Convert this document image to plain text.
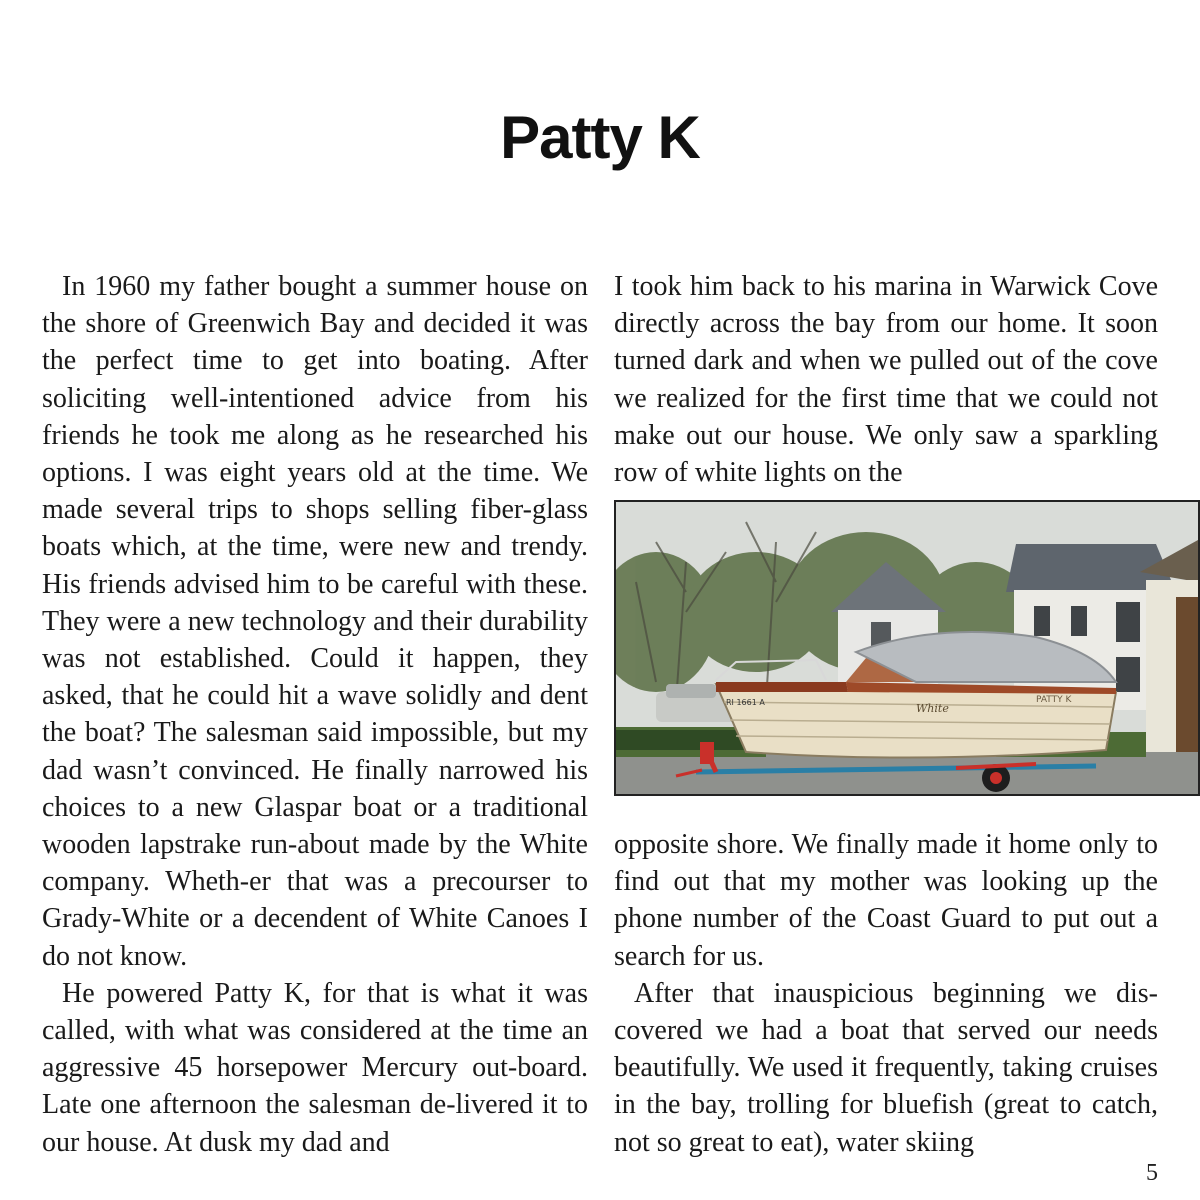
Patty K

In 1960 my father bought a summer house on the shore of Greenwich Bay and decided it was the perfect time to get into boating. After soliciting well-intentioned advice from his friends he took me along as he researched his options. I was eight years old at the time. We made several trips to shops selling fiber-glass boats which, at the time, were new and trendy. His friends advised him to be careful with these. They were a new technology and their durability was not established. Could it happen, they asked, that he could hit a wave solidly and dent the boat? The salesman said impossible, but my dad wasn’t convinced. He finally narrowed his choices to a new Glaspar boat or a traditional wooden lapstrake run-about made by the White company. Wheth-er that was a precourser to Grady-White or a decendent of White Canoes I do not know.

He powered Patty K, for that is what it was called, with what was considered at the time an aggressive 45 horsepower Mercury out-board. Late one afternoon the salesman de-livered it to our house. At dusk my dad and

I took him back to his marina in Warwick Cove directly across the bay from our home. It soon turned dark and when we pulled out of the cove we realized for the first time that we could not make out our house. We only saw a sparkling row of white lights on the

White
PATTY K
RI 1661 A

opposite shore. We finally made it home only to find out that my mother was looking up the phone number of the Coast Guard to put out a search for us.

After that inauspicious beginning we dis-covered we had a boat that served our needs beautifully. We used it frequently, taking cruises in the bay, trolling for bluefish (great to catch, not so great to eat), water skiing

5
